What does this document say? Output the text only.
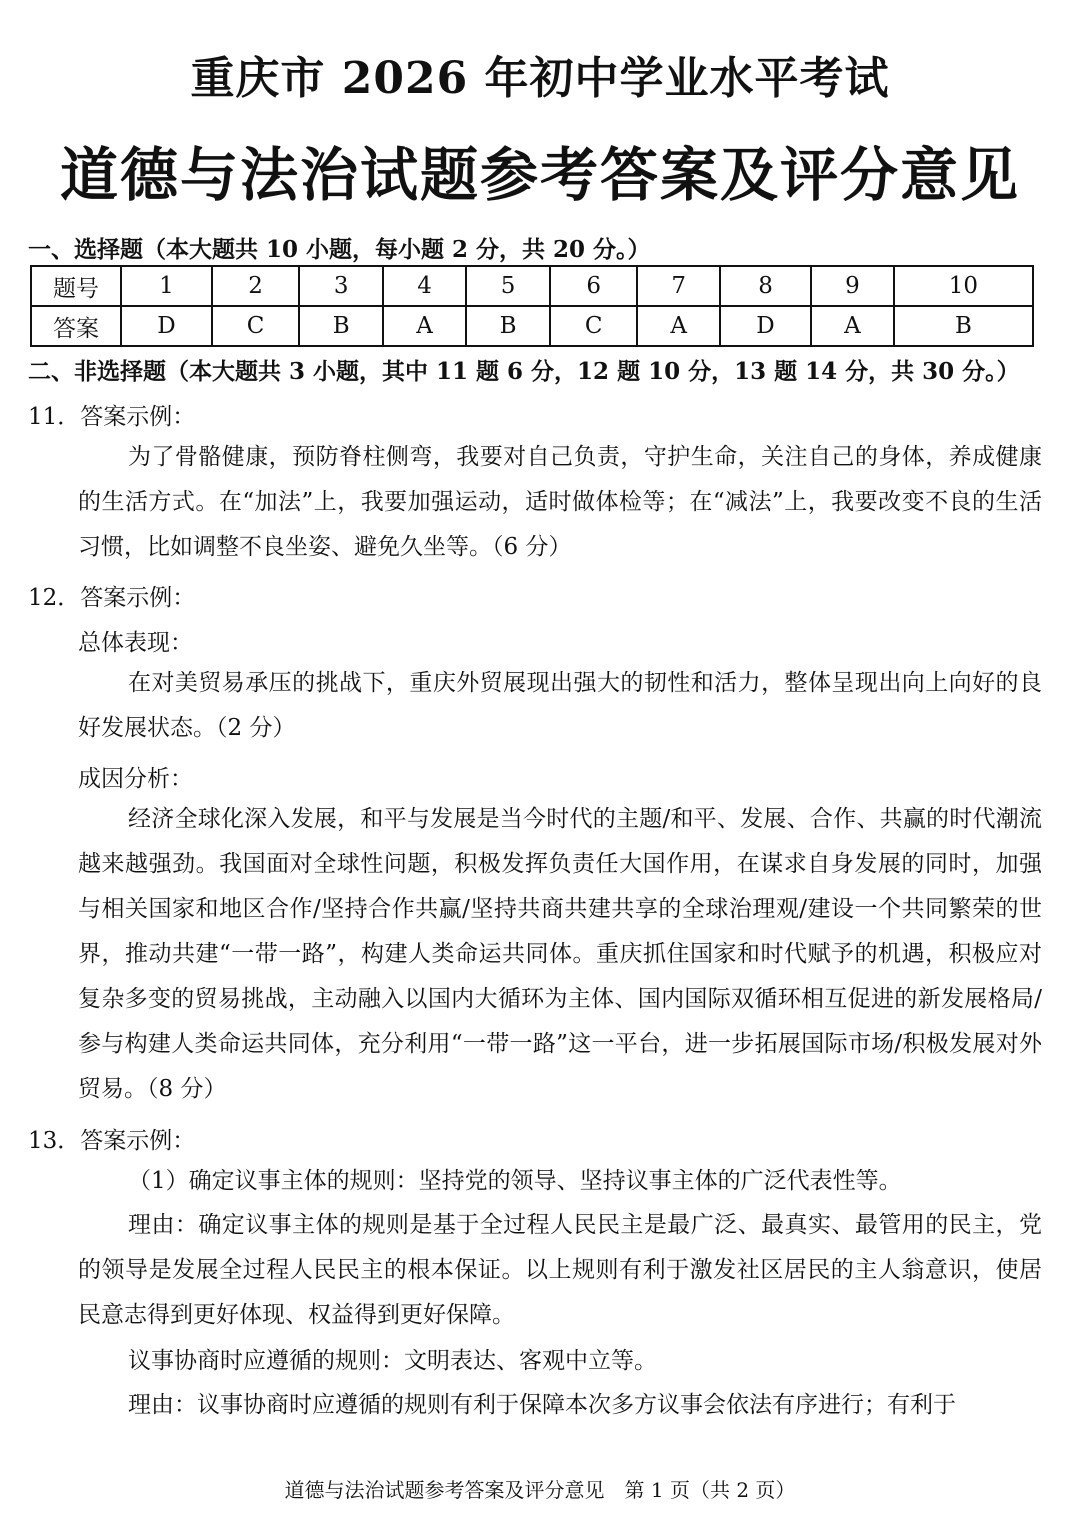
重庆市 2026 年初中学业水平考试
道德与法治试题参考答案及评分意见
一、选择题（本大题共 10 小题，每小题 2 分，共 20 分。）
题号	1	2	3	4	5	6	7	8	9	10
答案	D	C	B	A	B	C	A	D	A	B
二、非选择题（本大题共 3 小题，其中 11 题 6 分，12 题 10 分，13 题 14 分，共 30 分。）
11．答案示例：
为了骨骼健康，预防脊柱侧弯，我要对自己负责，守护生命，关注自己的身体，养成健康的生活方式。在“加法”上，我要加强运动，适时做体检等；在“减法”上，我要改变不良的生活习惯，比如调整不良坐姿、避免久坐等。（6 分）
12．答案示例：
总体表现：
在对美贸易承压的挑战下，重庆外贸展现出强大的韧性和活力，整体呈现出向上向好的良好发展状态。（2 分）
成因分析：
经济全球化深入发展，和平与发展是当今时代的主题/和平、发展、合作、共赢的时代潮流越来越强劲。我国面对全球性问题，积极发挥负责任大国作用，在谋求自身发展的同时，加强与相关国家和地区合作/坚持合作共赢/坚持共商共建共享的全球治理观/建设一个共同繁荣的世界，推动共建“一带一路”，构建人类命运共同体。重庆抓住国家和时代赋予的机遇，积极应对复杂多变的贸易挑战，主动融入以国内大循环为主体、国内国际双循环相互促进的新发展格局/参与构建人类命运共同体，充分利用“一带一路”这一平台，进一步拓展国际市场/积极发展对外贸易。（8 分）
13．答案示例：
（1）确定议事主体的规则：坚持党的领导、坚持议事主体的广泛代表性等。
理由：确定议事主体的规则是基于全过程人民民主是最广泛、最真实、最管用的民主，党的领导是发展全过程人民民主的根本保证。以上规则有利于激发社区居民的主人翁意识，使居民意志得到更好体现、权益得到更好保障。
议事协商时应遵循的规则：文明表达、客观中立等。
理由：议事协商时应遵循的规则有利于保障本次多方议事会依法有序进行；有利于
道德与法治试题参考答案及评分意见　第 1 页（共 2 页）
